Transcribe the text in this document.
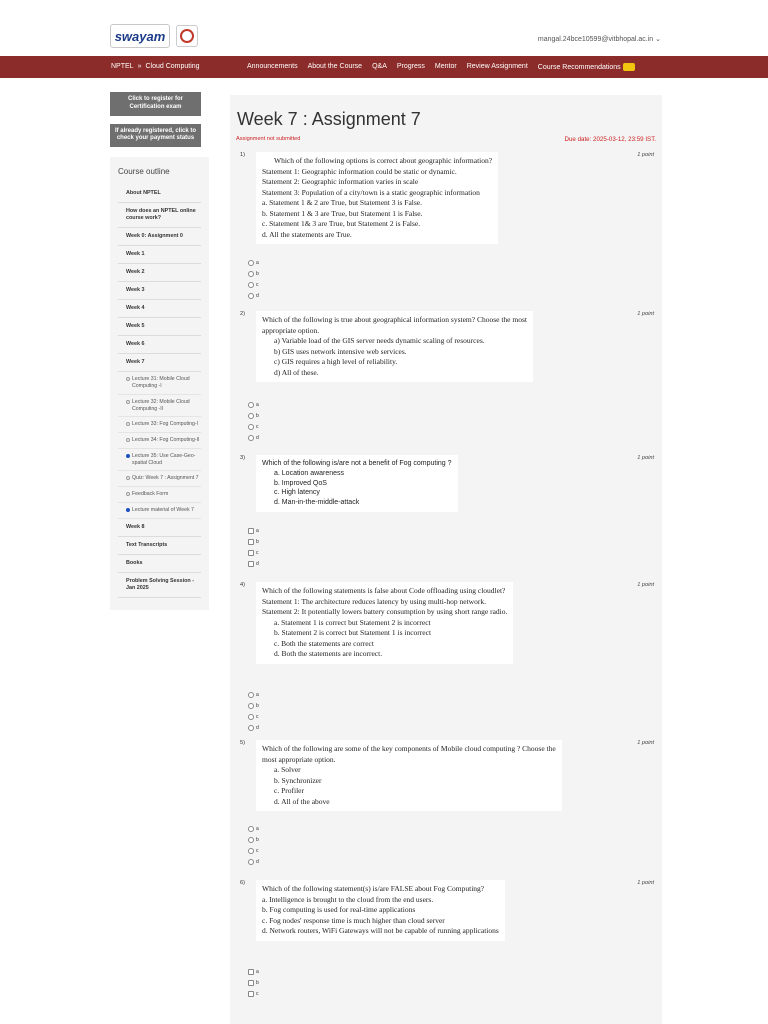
swayam	mangal.24bce10599@vitbhopal.ac.in ⌄
NPTEL » Cloud Computing	Announcements About the Course Q&A Progress Mentor Review Assignment Course Recommendations
Click to register for Certification exam
If already registered, click to check your payment status
Course outline
About NPTEL
How does an NPTEL online course work?
Week 0: Assignment 0
Week 1
Week 2
Week 3
Week 4
Week 5
Week 6
Week 7
Lecture 31: Mobile Cloud Computing -I
Lecture 32: Mobile Cloud Computing -II
Lecture 33: Fog Computing-I
Lecture 34: Fog Computing-II
Lecture 35: Use Case-Geo-spatial Cloud
Quiz: Week 7 : Assignment 7
Feedback Form
Lecture material of Week 7
Week 8
Text Transcripts
Books
Problem Solving Session - Jan 2025
Week 7 : Assignment 7
Assignment not submitted	Due date: 2025-03-12, 23:59 IST.
1)	1 point
Which of the following options is correct about geographic information?
Statement 1: Geographic information could be static or dynamic.
Statement 2: Geographic information varies in scale
Statement 3: Population of a city/town is a static geographic information
a. Statement 1 & 2 are True, but Statement 3 is False.
b. Statement 1 & 3 are True, but Statement 1 is False.
c. Statement 1& 3 are True, but Statement 2 is False.
d. All the statements are True.
a
b
c
d
2)	1 point
Which of the following is true about geographical information system? Choose the most
appropriate option.
a) Variable load of the GIS server needs dynamic scaling of resources.
b) GIS uses network intensive web services.
c) GIS requires a high level of reliability.
d) All of these.
a
b
c
d
3)	1 point
Which of the following is/are not a benefit of Fog computing ?
a. Location awareness
b. Improved QoS
c. High latency
d. Man-in-the-middle-attack
a
b
c
d
4)	1 point
Which of the following statements is false about Code offloading using cloudlet?
Statement 1: The architecture reduces latency by using multi-hop network.
Statement 2: It potentially lowers battery consumption by using short range radio.
a. Statement 1 is correct but Statement 2 is incorrect
b. Statement 2 is correct but Statement 1 is incorrect
c. Both the statements are correct
d. Both the statements are incorrect.
a
b
c
d
5)	1 point
Which of the following are some of the key components of Mobile cloud computing ? Choose the
most appropriate option.
a. Solver
b. Synchronizer
c. Profiler
d. All of the above
a
b
c
d
6)	1 point
Which of the following statement(s) is/are FALSE about Fog Computing?
a. Intelligence is brought to the cloud from the end users.
b. Fog computing is used for real-time applications
c. Fog nodes' response time is much higher than cloud server
d. Network routers, WiFi Gateways will not be capable of running applications
a
b
c
